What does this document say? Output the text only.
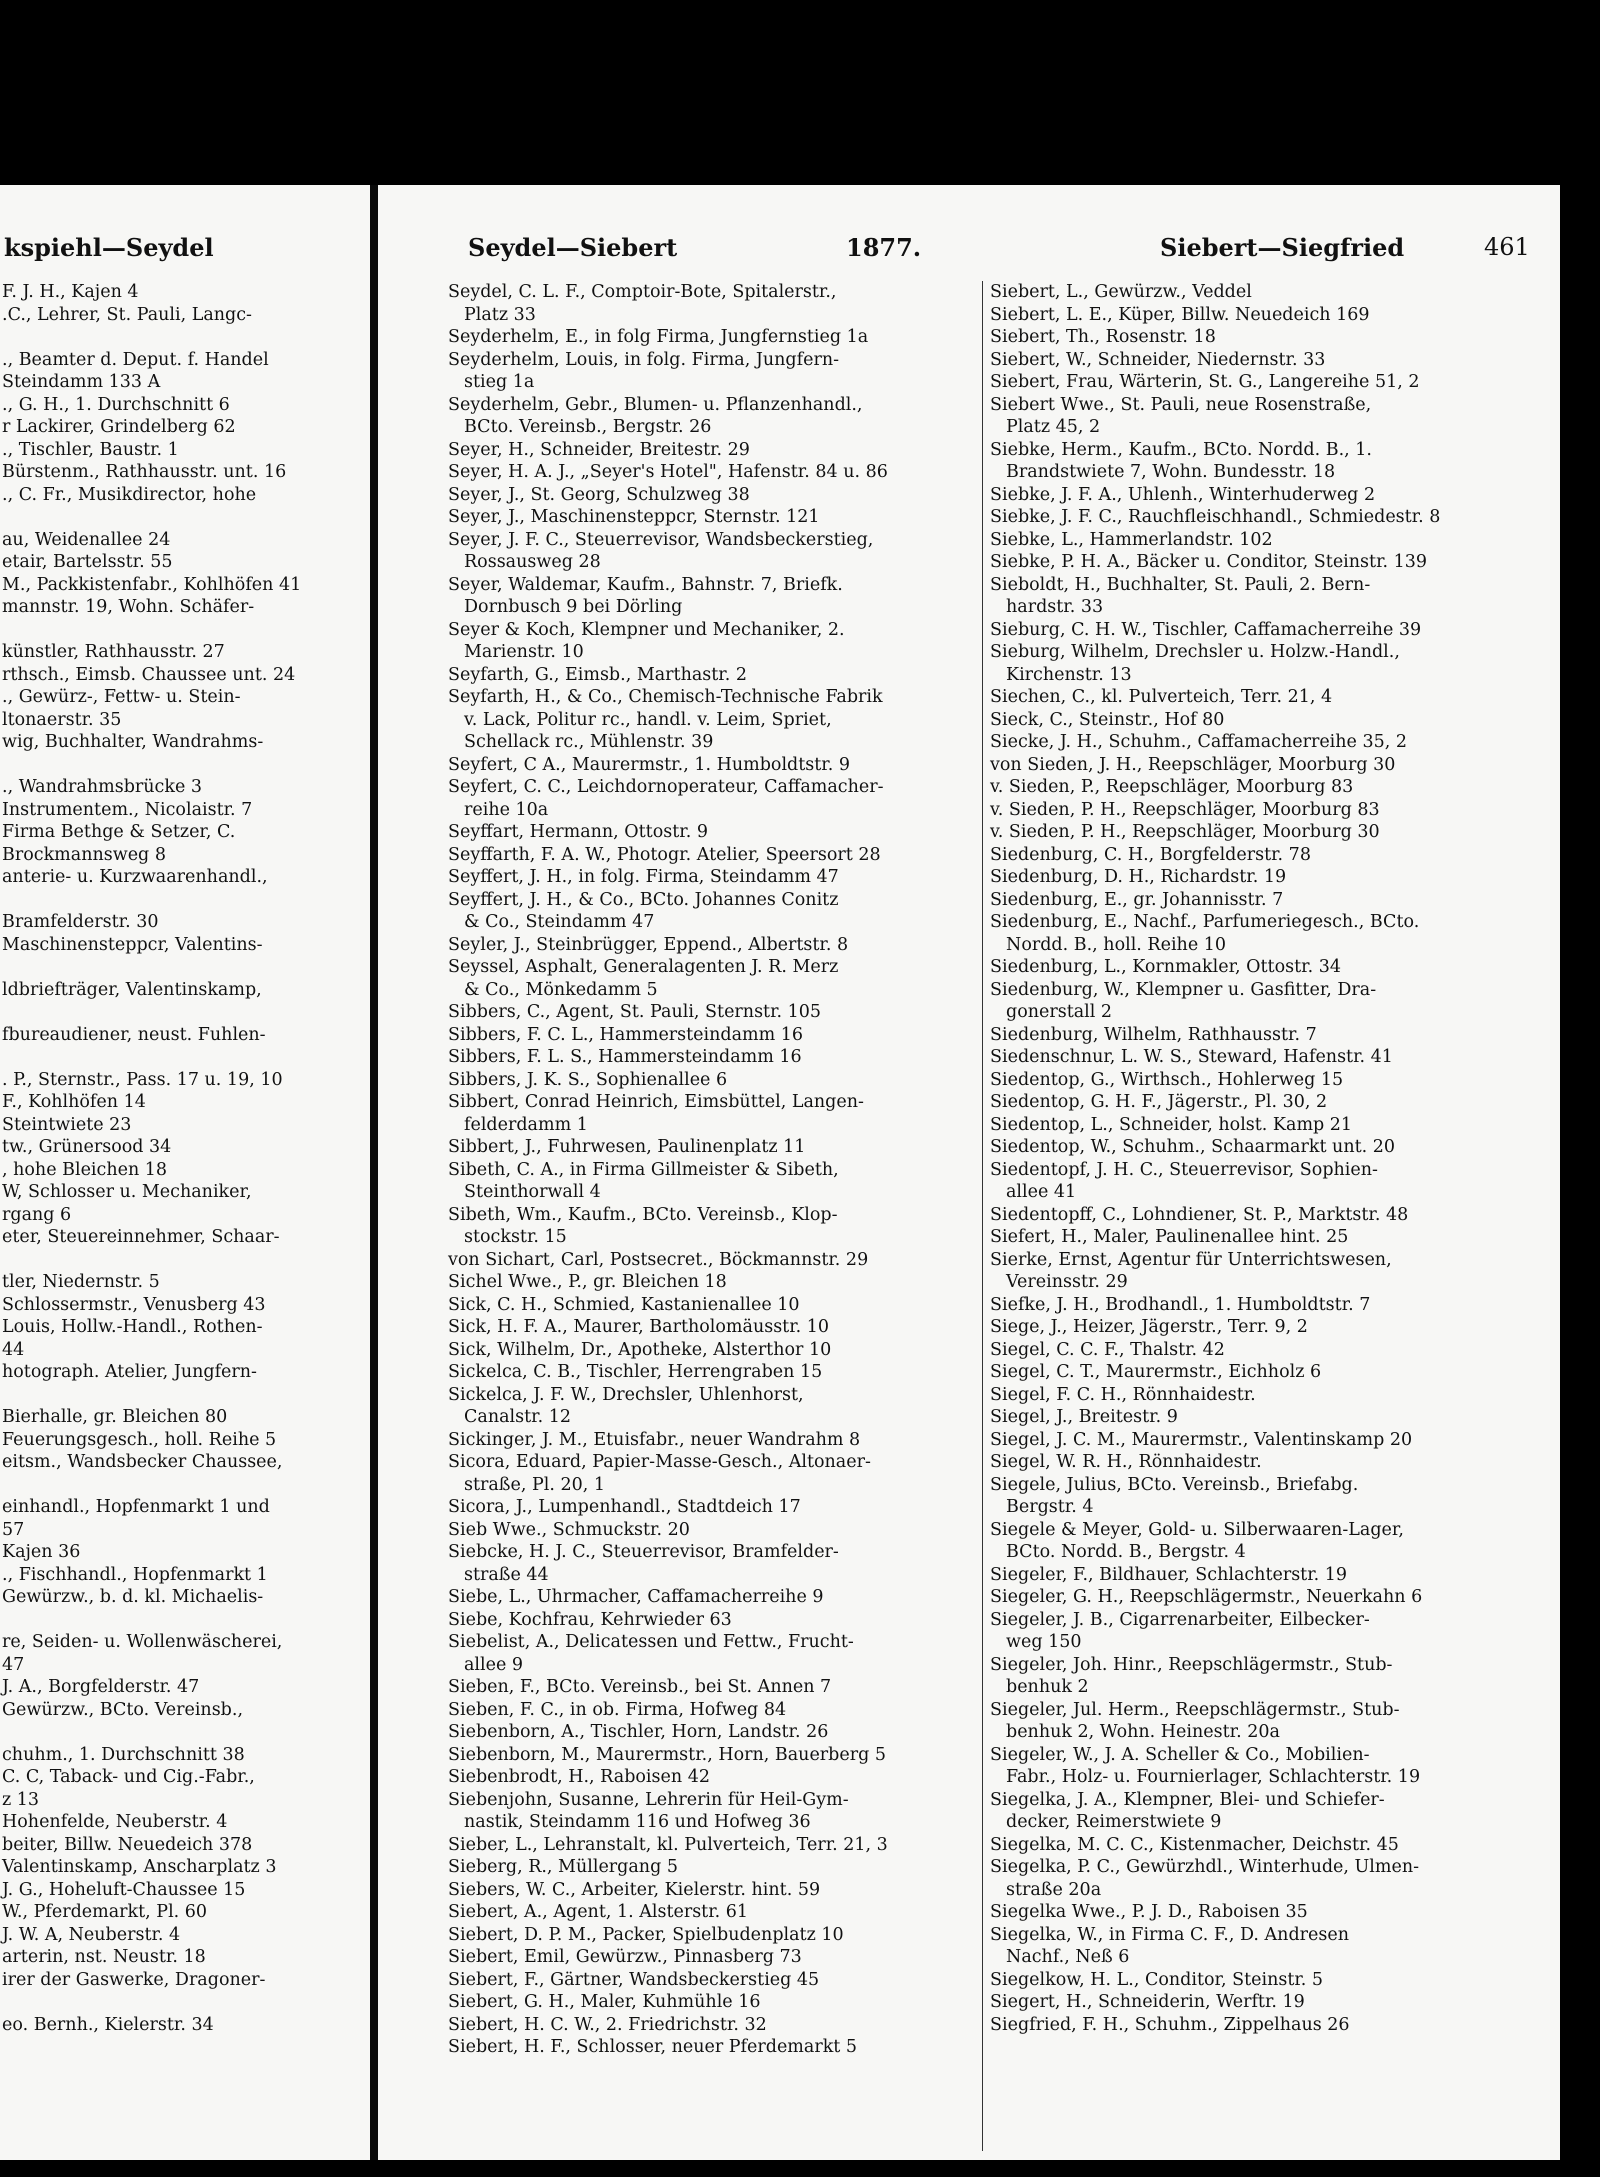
kspiehl—Seydel
F. J. H., Kajen 4
.C., Lehrer, St. Pauli, Langc-
., Beamter d. Deput. f. Handel
Steindamm 133 A
., G. H., 1. Durchschnitt 6
r Lackirer, Grindelberg 62
., Tischler, Baustr. 1
Bürstenm., Rathhausstr. unt. 16
., C. Fr., Musikdirector, hohe
au, Weidenallee 24
etair, Bartelsstr. 55
M., Packkistenfabr., Kohlhöfen 41
mannstr. 19, Wohn. Schäfer-
künstler, Rathhausstr. 27
rthsch., Eimsb. Chaussee unt. 24
., Gewürz-, Fettw- u. Stein-
ltonaerstr. 35
wig, Buchhalter, Wandrahms-
., Wandrahmsbrücke 3
Instrumentem., Nicolaistr. 7
Firma Bethge & Setzer, C.
Brockmannsweg 8
anterie- u. Kurzwaarenhandl.,
Bramfelderstr. 30
Maschinensteppcr, Valentins-
ldbriefträger, Valentinskamp,
fbureaudiener, neust. Fuhlen-
. P., Sternstr., Pass. 17 u. 19, 10
F., Kohlhöfen 14
Steintwiete 23
tw., Grünersood 34
, hohe Bleichen 18
W, Schlosser u. Mechaniker,
rgang 6
eter, Steuereinnehmer, Schaar-
tler, Niedernstr. 5
Schlossermstr., Venusberg 43
Louis, Hollw.-Handl., Rothen-
44
hotograph. Atelier, Jungfern-
Bierhalle, gr. Bleichen 80
Feuerungsgesch., holl. Reihe 5
eitsm., Wandsbecker Chaussee,
einhandl., Hopfenmarkt 1 und
57
Kajen 36
., Fischhandl., Hopfenmarkt 1
Gewürzw., b. d. kl. Michaelis-
re, Seiden- u. Wollenwäscherei,
47
J. A., Borgfelderstr. 47
Gewürzw., BCto. Vereinsb.,
chuhm., 1. Durchschnitt 38
C. C, Taback- und Cig.-Fabr.,
z 13
Hohenfelde, Neuberstr. 4
beiter, Billw. Neuedeich 378
Valentinskamp, Anscharplatz 3
J. G., Hoheluft-Chaussee 15
W., Pferdemarkt, Pl. 60
J. W. A, Neuberstr. 4
arterin, nst. Neustr. 18
irer der Gaswerke, Dragoner-
eo. Bernh., Kielerstr. 34
Seydel—Siebert	1877.	Siebert—Siegfried	461
Seydel, C. L. F., Comptoir-Bote, Spitalerstr.,
Platz 33
Seyderhelm, E., in folg Firma, Jungfernstieg 1a
Seyderhelm, Louis, in folg. Firma, Jungfern-
stieg 1a
Seyderhelm, Gebr., Blumen- u. Pflanzenhandl.,
BCto. Vereinsb., Bergstr. 26
Seyer, H., Schneider, Breitestr. 29
Seyer, H. A. J., „Seyer's Hotel", Hafenstr. 84 u. 86
Seyer, J., St. Georg, Schulzweg 38
Seyer, J., Maschinensteppcr, Sternstr. 121
Seyer, J. F. C., Steuerrevisor, Wandsbeckerstieg,
Rossausweg 28
Seyer, Waldemar, Kaufm., Bahnstr. 7, Briefk.
Dornbusch 9 bei Dörling
Seyer & Koch, Klempner und Mechaniker, 2.
Marienstr. 10
Seyfarth, G., Eimsb., Marthastr. 2
Seyfarth, H., & Co., Chemisch-Technische Fabrik
v. Lack, Politur rc., handl. v. Leim, Spriet,
Schellack rc., Mühlenstr. 39
Seyfert, C A., Maurermstr., 1. Humboldtstr. 9
Seyfert, C. C., Leichdornoperateur, Caffamacher-
reihe 10a
Seyffart, Hermann, Ottostr. 9
Seyffarth, F. A. W., Photogr. Atelier, Speersort 28
Seyffert, J. H., in folg. Firma, Steindamm 47
Seyffert, J. H., & Co., BCto. Johannes Conitz
& Co., Steindamm 47
Seyler, J., Steinbrügger, Eppend., Albertstr. 8
Seyssel, Asphalt, Generalagenten J. R. Merz
& Co., Mönkedamm 5
Sibbers, C., Agent, St. Pauli, Sternstr. 105
Sibbers, F. C. L., Hammersteindamm 16
Sibbers, F. L. S., Hammersteindamm 16
Sibbers, J. K. S., Sophienallee 6
Sibbert, Conrad Heinrich, Eimsbüttel, Langen-
felderdamm 1
Sibbert, J., Fuhrwesen, Paulinenplatz 11
Sibeth, C. A., in Firma Gillmeister & Sibeth,
Steinthorwall 4
Sibeth, Wm., Kaufm., BCto. Vereinsb., Klop-
stockstr. 15
von Sichart, Carl, Postsecret., Böckmannstr. 29
Sichel Wwe., P., gr. Bleichen 18
Sick, C. H., Schmied, Kastanienallee 10
Sick, H. F. A., Maurer, Bartholomäusstr. 10
Sick, Wilhelm, Dr., Apotheke, Alsterthor 10
Sickelca, C. B., Tischler, Herrengraben 15
Sickelca, J. F. W., Drechsler, Uhlenhorst,
Canalstr. 12
Sickinger, J. M., Etuisfabr., neuer Wandrahm 8
Sicora, Eduard, Papier-Masse-Gesch., Altonaer-
straße, Pl. 20, 1
Sicora, J., Lumpenhandl., Stadtdeich 17
Sieb Wwe., Schmuckstr. 20
Siebcke, H. J. C., Steuerrevisor, Bramfelder-
straße 44
Siebe, L., Uhrmacher, Caffamacherreihe 9
Siebe, Kochfrau, Kehrwieder 63
Siebelist, A., Delicatessen und Fettw., Frucht-
allee 9
Sieben, F., BCto. Vereinsb., bei St. Annen 7
Sieben, F. C., in ob. Firma, Hofweg 84
Siebenborn, A., Tischler, Horn, Landstr. 26
Siebenborn, M., Maurermstr., Horn, Bauerberg 5
Siebenbrodt, H., Raboisen 42
Siebenjohn, Susanne, Lehrerin für Heil-Gym-
nastik, Steindamm 116 und Hofweg 36
Sieber, L., Lehranstalt, kl. Pulverteich, Terr. 21, 3
Sieberg, R., Müllergang 5
Siebers, W. C., Arbeiter, Kielerstr. hint. 59
Siebert, A., Agent, 1. Alsterstr. 61
Siebert, D. P. M., Packer, Spielbudenplatz 10
Siebert, Emil, Gewürzw., Pinnasberg 73
Siebert, F., Gärtner, Wandsbeckerstieg 45
Siebert, G. H., Maler, Kuhmühle 16
Siebert, H. C. W., 2. Friedrichstr. 32
Siebert, H. F., Schlosser, neuer Pferdemarkt 5
Siebert, L., Gewürzw., Veddel
Siebert, L. E., Küper, Billw. Neuedeich 169
Siebert, Th., Rosenstr. 18
Siebert, W., Schneider, Niedernstr. 33
Siebert, Frau, Wärterin, St. G., Langereihe 51, 2
Siebert Wwe., St. Pauli, neue Rosenstraße,
Platz 45, 2
Siebke, Herm., Kaufm., BCto. Nordd. B., 1.
Brandstwiete 7, Wohn. Bundesstr. 18
Siebke, J. F. A., Uhlenh., Winterhuderweg 2
Siebke, J. F. C., Rauchfleischhandl., Schmiedestr. 8
Siebke, L., Hammerlandstr. 102
Siebke, P. H. A., Bäcker u. Conditor, Steinstr. 139
Sieboldt, H., Buchhalter, St. Pauli, 2. Bern-
hardstr. 33
Sieburg, C. H. W., Tischler, Caffamacherreihe 39
Sieburg, Wilhelm, Drechsler u. Holzw.-Handl.,
Kirchenstr. 13
Siechen, C., kl. Pulverteich, Terr. 21, 4
Sieck, C., Steinstr., Hof 80
Siecke, J. H., Schuhm., Caffamacherreihe 35, 2
von Sieden, J. H., Reepschläger, Moorburg 30
v. Sieden, P., Reepschläger, Moorburg 83
v. Sieden, P. H., Reepschläger, Moorburg 83
v. Sieden, P. H., Reepschläger, Moorburg 30
Siedenburg, C. H., Borgfelderstr. 78
Siedenburg, D. H., Richardstr. 19
Siedenburg, E., gr. Johannisstr. 7
Siedenburg, E., Nachf., Parfumeriegesch., BCto.
Nordd. B., holl. Reihe 10
Siedenburg, L., Kornmakler, Ottostr. 34
Siedenburg, W., Klempner u. Gasfitter, Dra-
gonerstall 2
Siedenburg, Wilhelm, Rathhausstr. 7
Siedenschnur, L. W. S., Steward, Hafenstr. 41
Siedentop, G., Wirthsch., Hohlerweg 15
Siedentop, G. H. F., Jägerstr., Pl. 30, 2
Siedentop, L., Schneider, holst. Kamp 21
Siedentop, W., Schuhm., Schaarmarkt unt. 20
Siedentopf, J. H. C., Steuerrevisor, Sophien-
allee 41
Siedentopff, C., Lohndiener, St. P., Marktstr. 48
Siefert, H., Maler, Paulinenallee hint. 25
Sierke, Ernst, Agentur für Unterrichtswesen,
Vereinsstr. 29
Siefke, J. H., Brodhandl., 1. Humboldtstr. 7
Siege, J., Heizer, Jägerstr., Terr. 9, 2
Siegel, C. C. F., Thalstr. 42
Siegel, C. T., Maurermstr., Eichholz 6
Siegel, F. C. H., Rönnhaidestr.
Siegel, J., Breitestr. 9
Siegel, J. C. M., Maurermstr., Valentinskamp 20
Siegel, W. R. H., Rönnhaidestr.
Siegele, Julius, BCto. Vereinsb., Briefabg.
Bergstr. 4
Siegele & Meyer, Gold- u. Silberwaaren-Lager,
BCto. Nordd. B., Bergstr. 4
Siegeler, F., Bildhauer, Schlachterstr. 19
Siegeler, G. H., Reepschlägermstr., Neuerkahn 6
Siegeler, J. B., Cigarrenarbeiter, Eilbecker-
weg 150
Siegeler, Joh. Hinr., Reepschlägermstr., Stub-
benhuk 2
Siegeler, Jul. Herm., Reepschlägermstr., Stub-
benhuk 2, Wohn. Heinestr. 20a
Siegeler, W., J. A. Scheller & Co., Mobilien-
Fabr., Holz- u. Fourniеrlager, Schlachterstr. 19
Siegelka, J. A., Klempner, Blei- und Schiefer-
decker, Reimerstwiete 9
Siegelka, M. C. C., Kistenmacher, Deichstr. 45
Siegelka, P. C., Gewürzhdl., Winterhude, Ulmen-
straße 20a
Siegelka Wwe., P. J. D., Raboisen 35
Siegelka, W., in Firma C. F., D. Andresen
Nachf., Neß 6
Siegelkow, H. L., Conditor, Steinstr. 5
Siegert, H., Schneiderin, Werftr. 19
Siegfried, F. H., Schuhm., Zippelhaus 26
